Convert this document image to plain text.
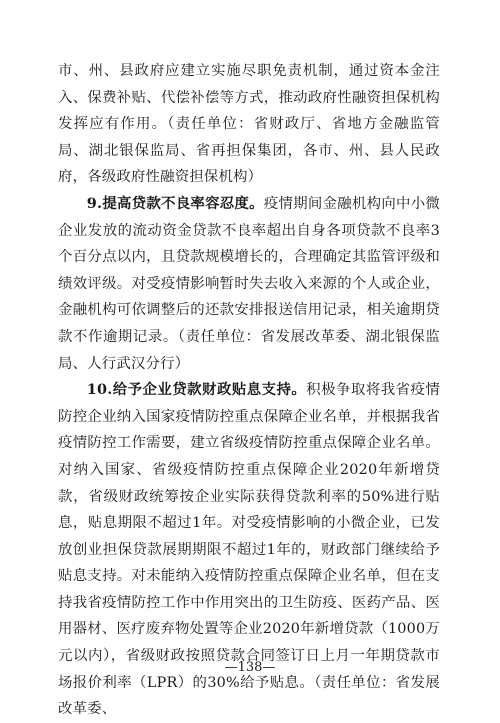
市、州、县政府应建立实施尽职免责机制，通过资本金注入、保费补贴、代偿补偿等方式，推动政府性融资担保机构发挥应有作用。（责任单位：省财政厅、省地方金融监管局、湖北银保监局、省再担保集团，各市、州、县人民政府，各级政府性融资担保机构）

9.提高贷款不良率容忍度。疫情期间金融机构向中小微企业发放的流动资金贷款不良率超出自身各项贷款不良率3个百分点以内，且贷款规模增长的，合理确定其监管评级和绩效评级。对受疫情影响暂时失去收入来源的个人或企业，金融机构可依调整后的还款安排报送信用记录，相关逾期贷款不作逾期记录。（责任单位：省发展改革委、湖北银保监局、人行武汉分行）

10.给予企业贷款财政贴息支持。积极争取将我省疫情防控企业纳入国家疫情防控重点保障企业名单，并根据我省疫情防控工作需要，建立省级疫情防控重点保障企业名单。对纳入国家、省级疫情防控重点保障企业2020年新增贷款，省级财政统筹按企业实际获得贷款利率的50%进行贴息，贴息期限不超过1年。对受疫情影响的小微企业，已发放创业担保贷款展期期限不超过1年的，财政部门继续给予贴息支持。对未能纳入疫情防控重点保障企业名单，但在支持我省疫情防控工作中作用突出的卫生防疫、医药产品、医用器材、医疗废弃物处置等企业2020年新增贷款（1000万元以内），省级财政按照贷款合同签订日上月一年期贷款市场报价利率（LPR）的30%给予贴息。（责任单位：省发展改革委、

—138—
